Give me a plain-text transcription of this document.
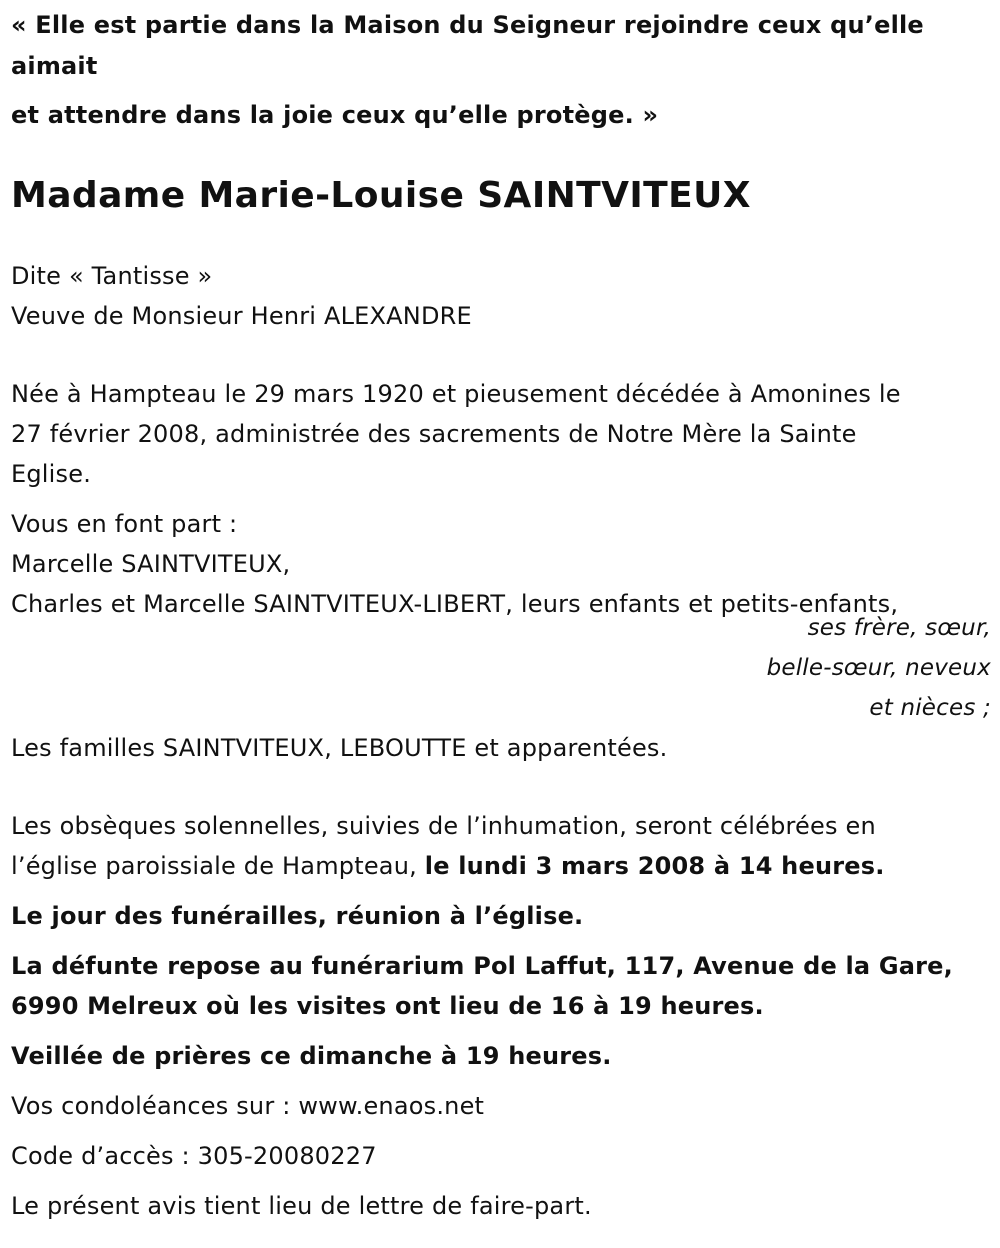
« Elle est partie dans la Maison du Seigneur rejoindre ceux qu’elle
aimait

et attendre dans la joie ceux qu’elle protège. »

Madame Marie-Louise SAINTVITEUX

Dite « Tantisse »
Veuve de Monsieur Henri ALEXANDRE

Née à Hampteau le 29 mars 1920 et pieusement décédée à Amonines le
27 février 2008, administrée des sacrements de Notre Mère la Sainte
Eglise.

Vous en font part :
Marcelle SAINTVITEUX,
Charles et Marcelle SAINTVITEUX-LIBERT, leurs enfants et petits-enfants,
ses frère, sœur,
belle-sœur, neveux
et nièces ;
Les familles SAINTVITEUX, LEBOUTTE et apparentées.

Les obsèques solennelles, suivies de l’inhumation, seront célébrées en
l’église paroissiale de Hampteau, le lundi 3 mars 2008 à 14 heures.

Le jour des funérailles, réunion à l’église.

La défunte repose au funérarium Pol Laffut, 117, Avenue de la Gare,
6990 Melreux où les visites ont lieu de 16 à 19 heures.

Veillée de prières ce dimanche à 19 heures.

Vos condoléances sur : www.enaos.net

Code d’accès : 305-20080227

Le présent avis tient lieu de lettre de faire-part.
